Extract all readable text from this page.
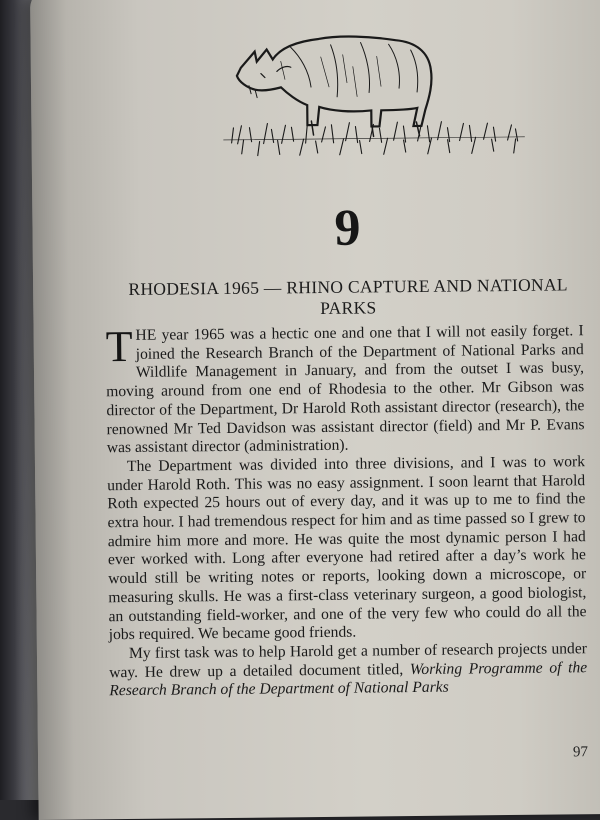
9
RHODESIA 1965 — RHINO CAPTURE AND NATIONAL PARKS

THE year 1965 was a hectic one and one that I will not easily forget. I joined the Research Branch of the Department of National Parks and Wildlife Management in January, and from the outset I was busy, moving around from one end of Rhodesia to the other. Mr Gibson was director of the Department, Dr Harold Roth assistant director (research), the renowned Mr Ted Davidson was assistant director (field) and Mr P. Evans was assistant director (administration).

The Department was divided into three divisions, and I was to work under Harold Roth. This was no easy assignment. I soon learnt that Harold Roth expected 25 hours out of every day, and it was up to me to find the extra hour. I had tremendous respect for him and as time passed so I grew to admire him more and more. He was quite the most dynamic person I had ever worked with. Long after everyone had retired after a day’s work he would still be writing notes or reports, looking down a microscope, or measuring skulls. He was a first-class veterinary surgeon, a good biologist, an outstanding field-worker, and one of the very few who could do all the jobs required. We became good friends.

My first task was to help Harold get a number of research projects under way. He drew up a detailed document titled, Working Programme of the Research Branch of the Department of National Parks

97
